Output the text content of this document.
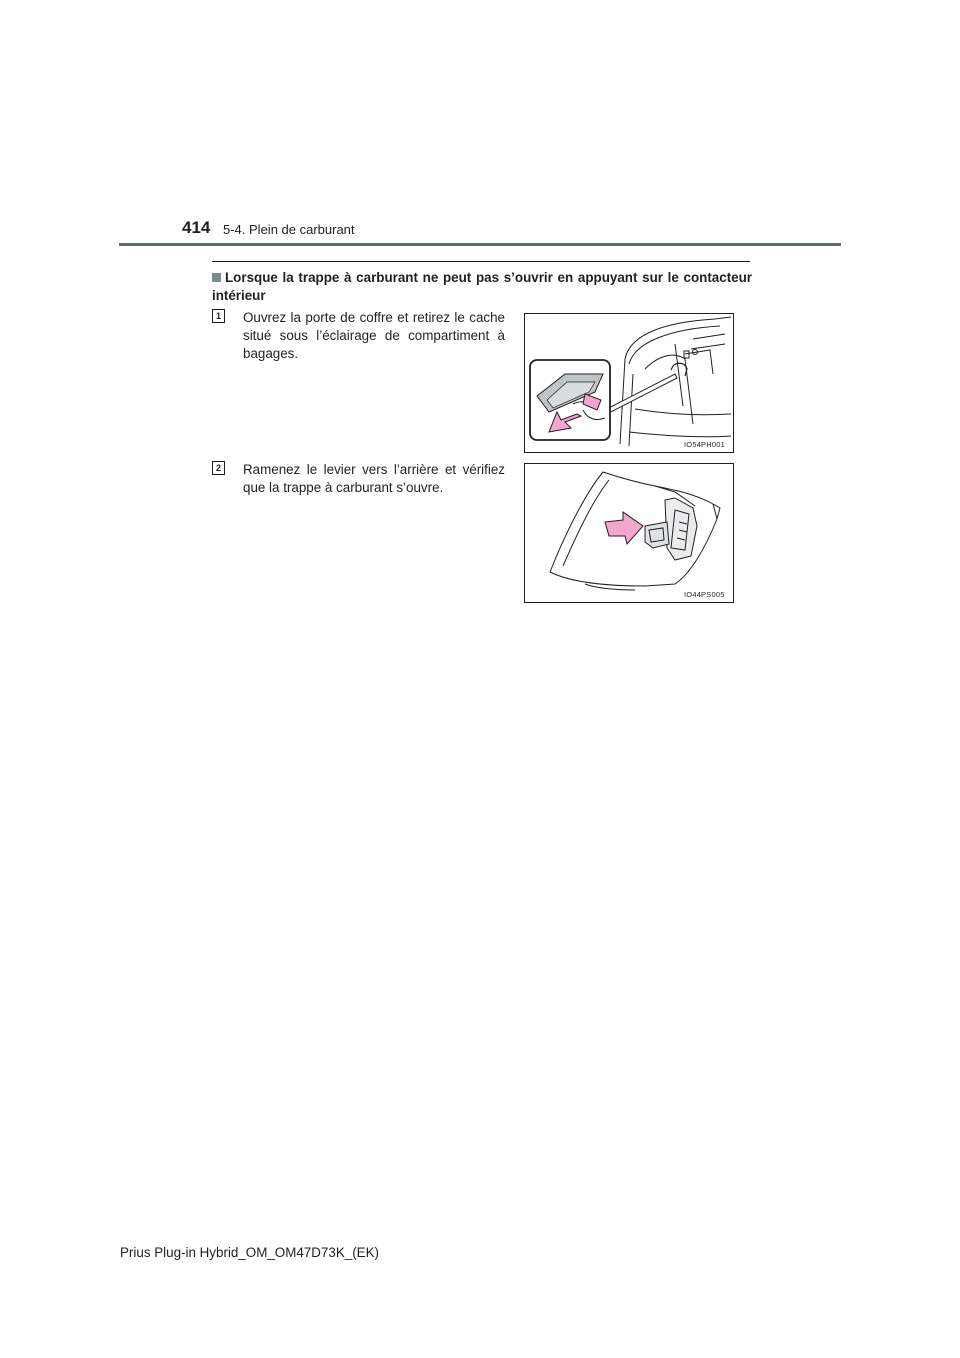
414 5-4. Plein de carburant
Lorsque la trappe à carburant ne peut pas s’ouvrir en appuyant sur le contacteur intérieur
1 Ouvrez la porte de coffre et retirez le cache situé sous l’éclairage de compartiment à bagages.
IO54PH001
2 Ramenez le levier vers l’arrière et vérifiez que la trappe à carburant s’ouvre.
IO44PS005
Prius Plug-in Hybrid_OM_OM47D73K_(EK)
